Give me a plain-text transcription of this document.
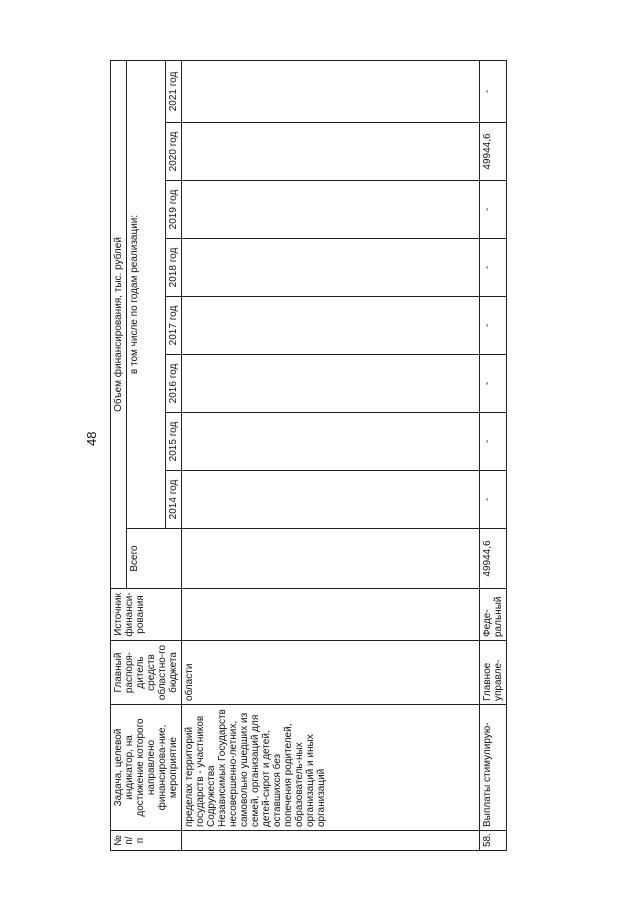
48
№ п/п	Задача, целевой индикатор, на достижение которого направлено финансирова-ние, мероприятие	Главный распоря-дитель средств областно-го бюджета	Источник финанси-рования	Объем финансирования, тыс. рублей								
				Всего	в том числе по годам реализации:							
					2014 год	2015 год	2016 год	2017 год	2018 год	2019 год	2020 год	2021 год
	пределах территорий государств - участников Содружества Независимых Государств несовершенно-летних, самовольно ушедших из семей, организаций для детей-сирот и детей, оставшихся без попечения родителей, образователь-ных организаций и иных организаций	области										
58.	Выплаты стимулирую-	Главное управле-	Феде-ральный	49944,6	-	-	-	-	-	-	49944,6	-
